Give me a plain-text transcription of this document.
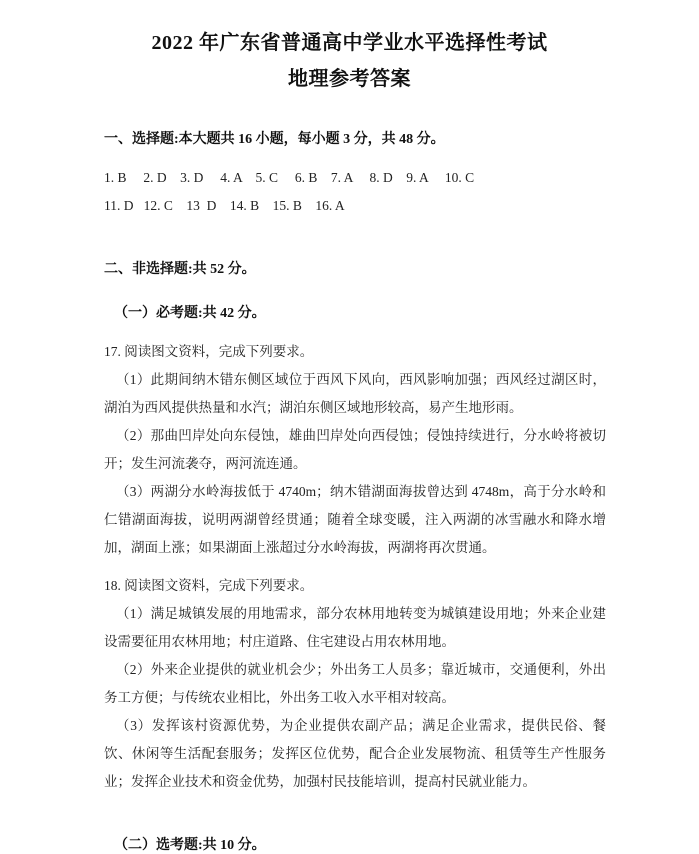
2022 年广东省普通高中学业水平选择性考试
地理参考答案
一、选择题:本大题共 16 小题，每小题 3 分，共 48 分。
1. B     2. D    3. D     4. A    5. C     6. B    7. A     8. D    9. A     10. C
11. D   12. C    13  D    14. B    15. B    16. A
二、非选择题:共 52 分。
（一）必考题:共 42 分。
17. 阅读图文资料，完成下列要求。
（1）此期间纳木错东侧区域位于西风下风向，西风影响加强；西风经过湖区时，湖泊为西风提供热量和水汽；湖泊东侧区域地形较高，易产生地形雨。
（2）那曲凹岸处向东侵蚀，雄曲凹岸处向西侵蚀；侵蚀持续进行，分水岭将被切开；发生河流袭夺，两河流连通。
（3）两湖分水岭海拔低于 4740m；纳木错湖面海拔曾达到 4748m，高于分水岭和仁错湖面海拔，说明两湖曾经贯通；随着全球变暖，注入两湖的冰雪融水和降水增加，湖面上涨；如果湖面上涨超过分水岭海拔，两湖将再次贯通。
18. 阅读图文资料，完成下列要求。
（1）满足城镇发展的用地需求，部分农林用地转变为城镇建设用地；外来企业建设需要征用农林用地；村庄道路、住宅建设占用农林用地。
（2）外来企业提供的就业机会少；外出务工人员多；靠近城市，交通便利，外出务工方便；与传统农业相比，外出务工收入水平相对较高。
（3）发挥该村资源优势，为企业提供农副产品；满足企业需求，提供民俗、餐饮、休闲等生活配套服务；发挥区位优势，配合企业发展物流、租赁等生产性服务业；发挥企业技术和资金优势，加强村民技能培训，提高村民就业能力。
（二）选考题:共 10 分。
